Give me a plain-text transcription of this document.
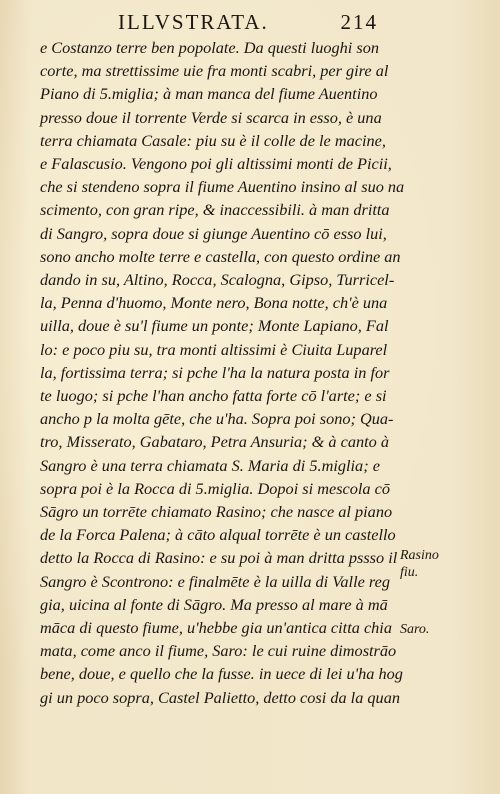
ILLVSTRATA.	214
e Costanzo terre ben popolate. Da questi luoghi son
corte, ma strettissime uie fra monti scabri, per gire al
Piano di 5.miglia; à man manca del fiume Auentino
presso doue il torrente Verde si scarca in esso, è una
terra chiamata Casale: piu su è il colle de le macine,
e Falascusio. Vengono poi gli altissimi monti de Picii,
che si stendeno sopra il fiume Auentino insino al suo na
scimento, con gran ripe, & inaccessibili. à man dritta
di Sangro, sopra doue si giunge Auentino cō esso lui,
sono ancho molte terre e castella, con questo ordine an
dando in su, Altino, Rocca, Scalogna, Gipso, Turricel-
la, Penna d'huomo, Monte nero, Bona notte, ch'è una
uilla, doue è su'l fiume un ponte; Monte Lapiano, Fal
lo: e poco piu su, tra monti altissimi è Ciuita Luparel
la, fortissima terra; si pche l'ha la natura posta in for
te luogo; si pche l'han ancho fatta forte cō l'arte; e si
ancho p la molta gēte, che u'ha. Sopra poi sono; Qua-
tro, Misserato, Gabataro, Petra Ansuria; & à canto à
Sangro è una terra chiamata S. Maria di 5.miglia; e
sopra poi è la Rocca di 5.miglia. Dopoi si mescola cō
Sāgro un torrēte chiamato Rasino; che nasce al piano
de la Forca Palena; à cāto alqual torrēte è un castello
detto la Rocca di Rasino: e su poi à man dritta pssso il
Sangro è Scontrono: e finalmēte è la uilla di Valle reg
gia, uicina al fonte di Sāgro. Ma presso al mare à mā
māca di questo fiume, u'hebbe gia un'antica citta chia
mata, come anco il fiume, Saro: le cui ruine dimostrāo
bene, doue, e quello che la fusse. in uece di lei u'ha hog
gi un poco sopra, Castel Palietto, detto cosi da la quan
Rasino
fiu.
Saro.
